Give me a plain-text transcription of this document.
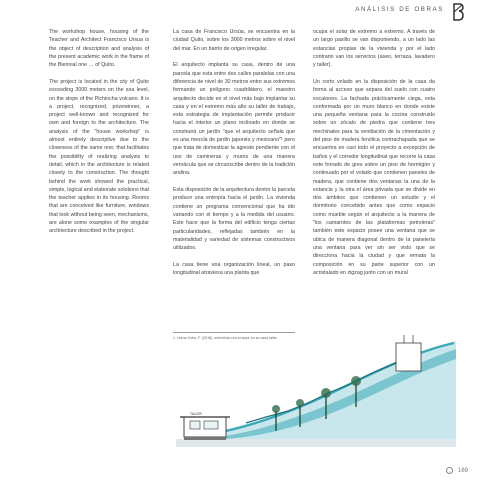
ANÁLISIS DE OBRAS

The workshop house, housing of the Teacher and Architect Francisco Ursua is the object of description and analysis of the present academic work in the frame of the Biennial one … of Quito.

The project is located in the city of Quito exceeding 3000 meters on the sea level, on the slope of the Pichincha volcano. It is a project, recognized, prizewinner, a project well-known and recognized for own and foreign to the architecture. The analysis of the "house workshop" is almost entirely descriptive due to the closeness of the same one; that facilitates the possibility of realizing analysis to detail, which in the architecture is related closely to the construction. The thought behind the work showed the practical, simple, logical and elaborate solutions that the teacher applies in its housing. Rooms that are conceived like furniture, windows that look without being seen, mechanisms, are alone some examples of the singular architecture described in the project.

La casa de Francisco Ursúa, se encuentra en la ciudad Quito, sobre los 3000 metros sobre el nivel del mar. En un barrio de origen irregular.

El arquitecto implanta su casa, dentro de una parcela que esta entre dos calles paralelas con una diferencia de nivel de 30 metros entre sus extremos formando un polígono cuadrilátero, el maestro arquitecto decide en el nivel más bajo implantar su casa y en el extremo más alto su taller de trabajo, esta estrategia de implantación permite producir hacia el interior un plano inclinado en donde se construirá un jardín "que el arquitecto señala que es una mezcla de jardín japonés y mexicano"¹ pero que trata de domesticar la agreste pendiente con el uso de camineras y muros de una manera vernácula que se circunscribe dentro de la tradición andina.

Esta disposición de la arquitectura dentro la parcela produce una entropía hacia el jardín. La vivienda contiene un programa convencional que ha ido variando con el tiempo y a la medida del usuario. Este hace que la forma del edificio tenga ciertas particularidades, reflejadas también en la materialidad y variedad de sistemas constructivos utilizados.

La casa tiene una organización lineal, un paso longitudinal atraviesa una planta que

1. Ursúa Cobo, F. (2018), entrevista con el autor en su casa taller

ocupa el solar de extremo a extremo. A través de un largo pasillo se van disponiendo, a un lado las estancias propias de la vivienda y por el lado contrario van los servicios (aseo, terraza, lavadero y taller).

Un corto volado en la disposición de la casa da forma al acceso que separa del suelo con cuatro escalones. La fachada prácticamente ciega, esta conformada por un muro blanco en donde existe una pequeña ventana para la cocina construido sobre un zócalo de piedra que contiene tres mechinales para la ventilación de la cimentación y del piso de madera fenólica contrachapada que se encuentra en casi todo el proyecto a excepción de baños y el corredor longitudinal que recorre la casa este forrado de gres sobre un piso de hormigón y continuado por el volado que contienen paneles de madera, que contiene dos ventanas la una de la estancia y la otra el área privada que se divide en dos ámbitos que contienen un estudio y el dormitorio concebido antes que como espacio como mueble según el arquitecto a la manera de "los camarotes de las plataformas petroleras" también este espacio posee una ventana que se ubica de manera diagonal dentro de la panelería una ventana para ver sin ser visto que se direcciona hacia la ciudad y que remata la composición en su parte superior con un acristalado en zigzag junto con un mural

TALLER
169
